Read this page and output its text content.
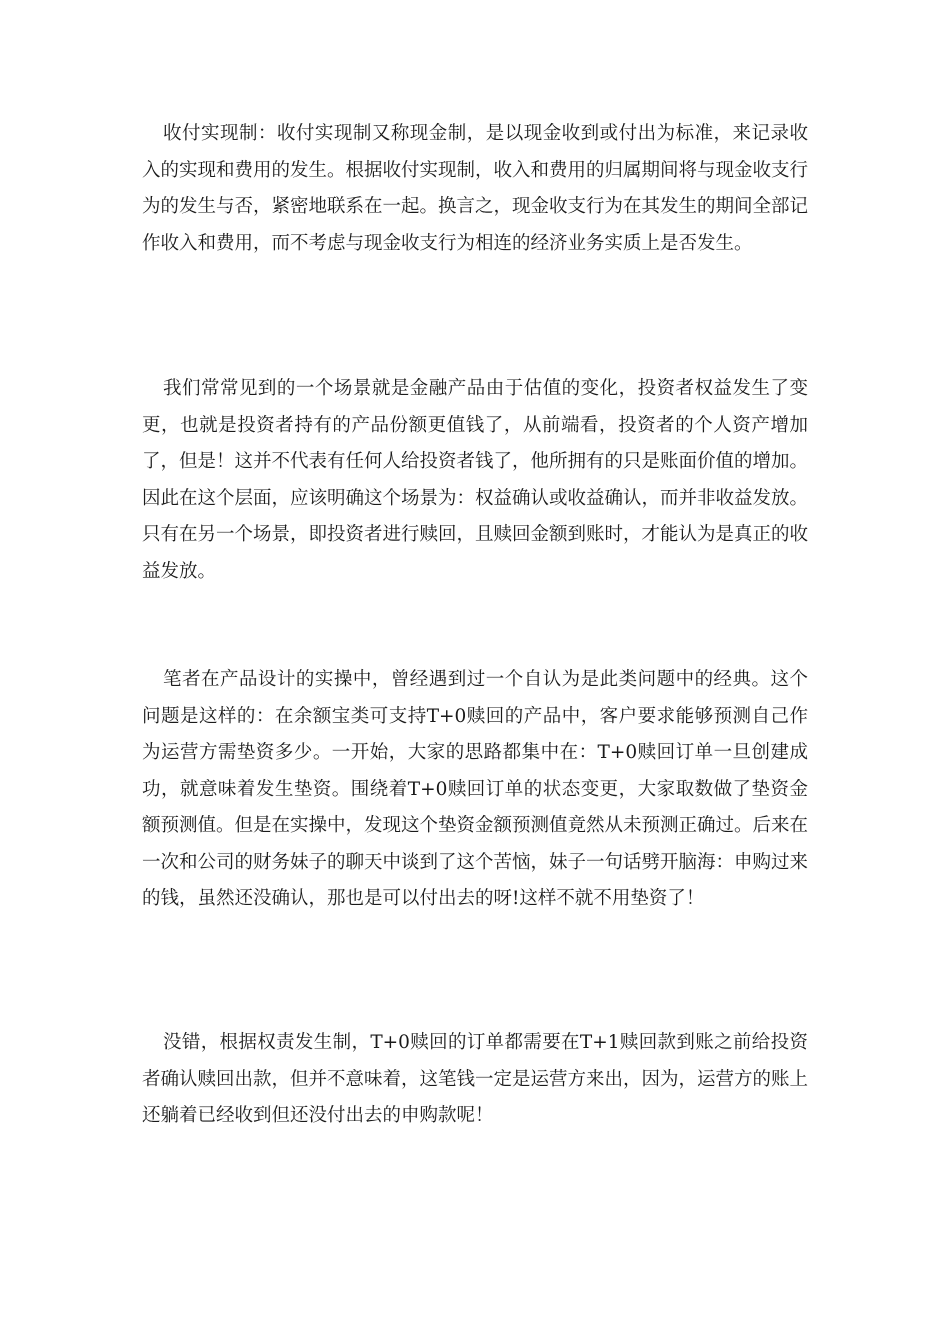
收付实现制：收付实现制又称现金制，是以现金收到或付出为标准，来记录收入的实现和费用的发生。根据收付实现制，收入和费用的归属期间将与现金收支行为的发生与否，紧密地联系在一起。换言之，现金收支行为在其发生的期间全部记作收入和费用，而不考虑与现金收支行为相连的经济业务实质上是否发生。

我们常常见到的一个场景就是金融产品由于估值的变化，投资者权益发生了变更，也就是投资者持有的产品份额更值钱了，从前端看，投资者的个人资产增加了，但是！这并不代表有任何人给投资者钱了，他所拥有的只是账面价值的增加。因此在这个层面，应该明确这个场景为：权益确认或收益确认，而并非收益发放。只有在另一个场景，即投资者进行赎回，且赎回金额到账时，才能认为是真正的收益发放。

笔者在产品设计的实操中，曾经遇到过一个自认为是此类问题中的经典。这个问题是这样的：在余额宝类可支持T+0赎回的产品中，客户要求能够预测自己作为运营方需垫资多少。一开始，大家的思路都集中在：T+0赎回订单一旦创建成功，就意味着发生垫资。围绕着T+0赎回订单的状态变更，大家取数做了垫资金额预测值。但是在实操中，发现这个垫资金额预测值竟然从未预测正确过。后来在一次和公司的财务妹子的聊天中谈到了这个苦恼，妹子一句话劈开脑海：申购过来的钱，虽然还没确认，那也是可以付出去的呀!这样不就不用垫资了！

没错，根据权责发生制，T+0赎回的订单都需要在T+1赎回款到账之前给投资者确认赎回出款，但并不意味着，这笔钱一定是运营方来出，因为，运营方的账上还躺着已经收到但还没付出去的申购款呢！
